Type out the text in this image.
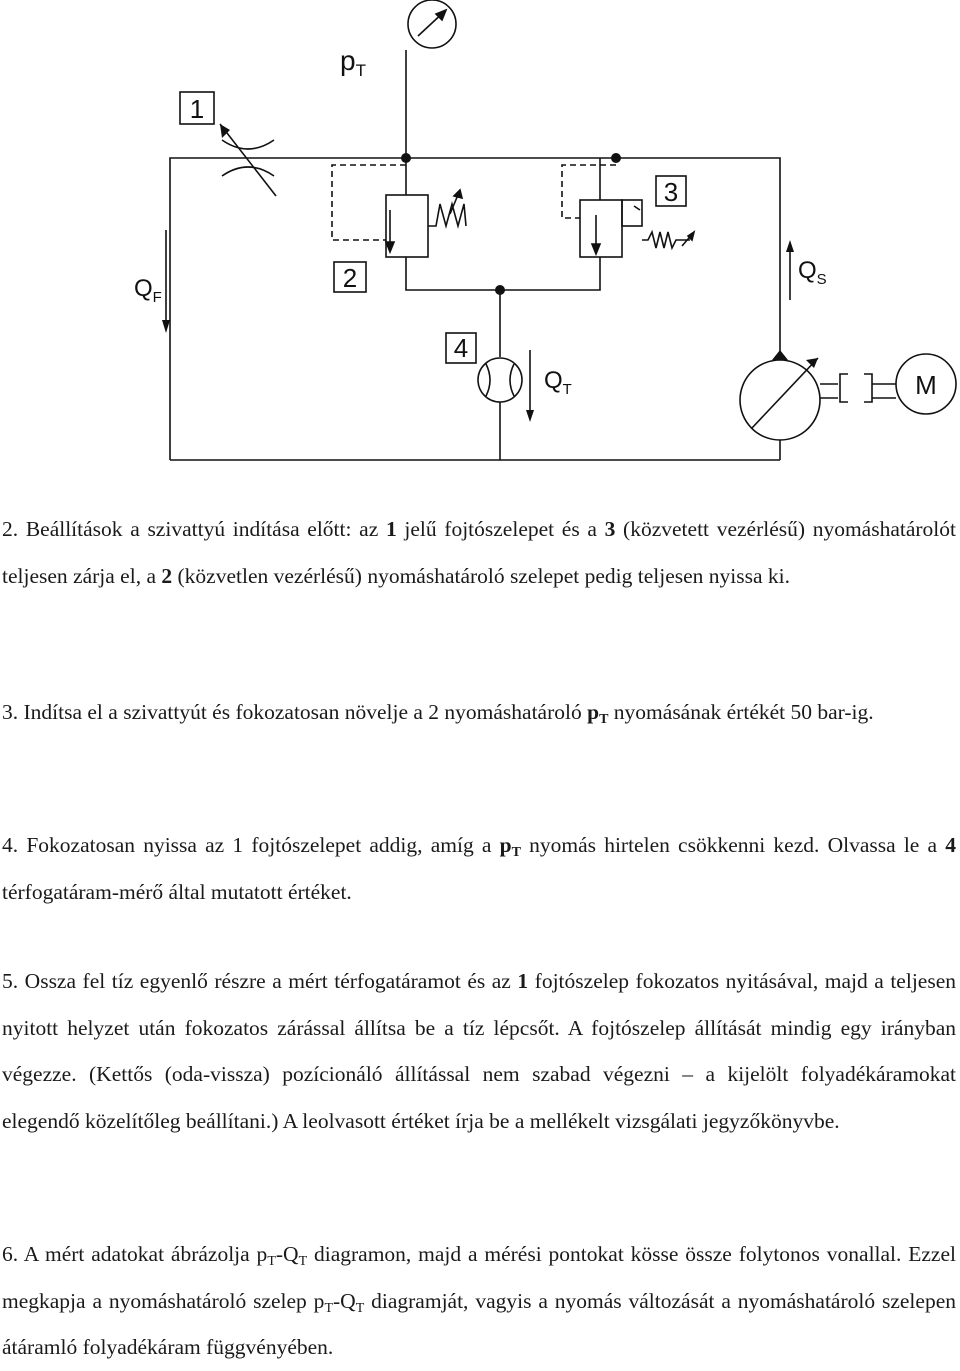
1
2
3
4
$p_T$
$Q_F$
$Q_S$
$Q_T$	M

2. Beállítások a szivattyú indítása előtt: az 1 jelű fojtószelepet és a 3 (közvetett vezérlésű) nyomáshatárolót teljesen zárja el, a 2 (közvetlen vezérlésű) nyomáshatároló szelepet pedig teljesen nyissa ki.

3. Indítsa el a szivattyút és fokozatosan növelje a 2 nyomáshatároló $p_T$ nyomásának értékét 50 bar-ig.

4. Fokozatosan nyissa az 1 fojtószelepet addig, amíg a $p_T$ nyomás hirtelen csökkenni kezd. Olvassa le a 4 térfogatáram-mérő által mutatott értéket.

5. Ossza fel tíz egyenlő részre a mért térfogatáramot és az 1 fojtószelep fokozatos nyitásával, majd a teljesen nyitott helyzet után fokozatos zárással állítsa be a tíz lépcsőt. A fojtószelep állítását mindig egy irányban végezze. (Kettős (oda-vissza) pozícionáló állítással nem szabad végezni – a kijelölt folyadékáramokat elegendő közelítőleg beállítani.) A leolvasott értéket írja be a mellékelt vizsgálati jegyzőkönyvbe.

6. A mért adatokat ábrázolja $p_T-Q_T$ diagramon, majd a mérési pontokat kösse össze folytonos vonallal. Ezzel megkapja a nyomáshatároló szelep $p_T-Q_T$ diagramját, vagyis a nyomás változását a nyomáshatároló szelepen átáramló folyadékáram függvényében.
